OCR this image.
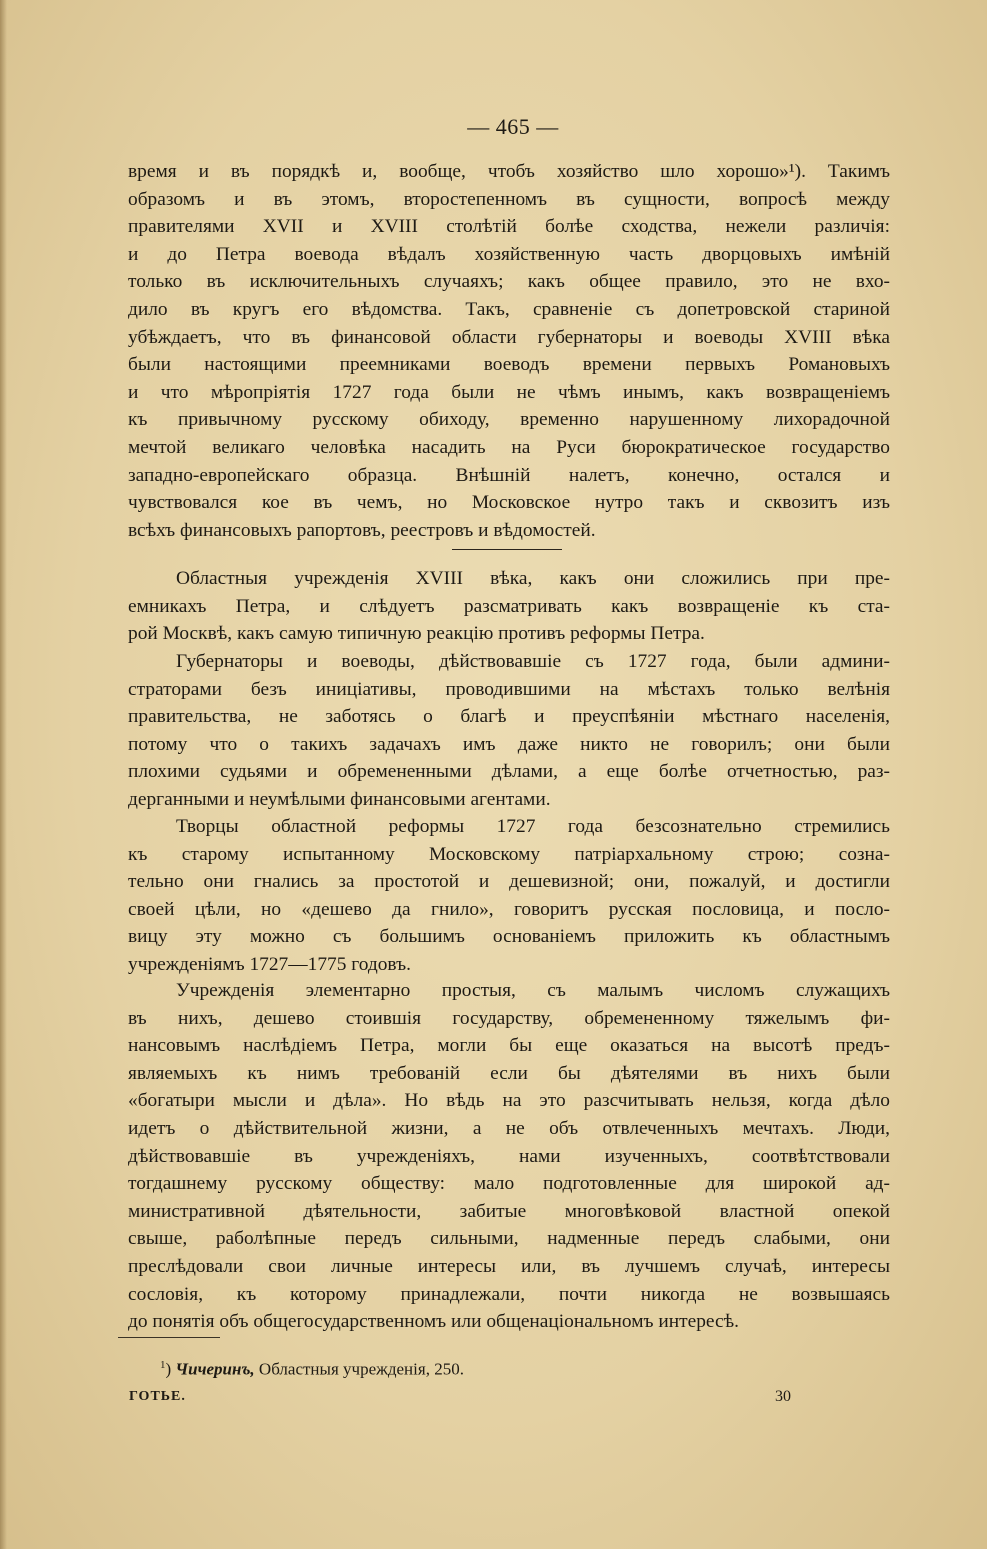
— 465 —
время и въ порядкѣ и, вообще, чтобъ хозяйство шло хорошо»¹). Такимъ
образомъ и въ этомъ, второстепенномъ въ сущности, вопросѣ между
правителями XVII и XVIII столѣтій болѣе сходства, нежели различія:
и до Петра воевода вѣдалъ хозяйственную часть дворцовыхъ имѣній
только въ исключительныхъ случаяхъ; какъ общее правило, это не вхо-
дило въ кругъ его вѣдомства. Такъ, сравненіе съ допетровской стариной
убѣждаетъ, что въ финансовой области губернаторы и воеводы XVIII вѣка
были настоящими преемниками воеводъ времени первыхъ Романовыхъ
и что мѣропріятія 1727 года были не чѣмъ инымъ, какъ возвращеніемъ
къ привычному русскому обиходу, временно нарушенному лихорадочной
мечтой великаго человѣка насадить на Руси бюрократическое государство
западно-европейскаго образца. Внѣшній налетъ, конечно, остался и
чувствовался кое въ чемъ, но Московское нутро такъ и сквозитъ изъ
всѣхъ финансовыхъ рапортовъ, реестровъ и вѣдомостей.
Областныя учрежденія XVIII вѣка, какъ они сложились при пре-
емникахъ Петра, и слѣдуетъ разсматривать какъ возвращеніе къ ста-
рой Москвѣ, какъ самую типичную реакцію противъ реформы Петра.
Губернаторы и воеводы, дѣйствовавшіе съ 1727 года, были админи-
страторами безъ иниціативы, проводившими на мѣстахъ только велѣнія
правительства, не заботясь о благѣ и преуспѣяніи мѣстнаго населенія,
потому что о такихъ задачахъ имъ даже никто не говорилъ; они были
плохими судьями и обремененными дѣлами, а еще болѣе отчетностью, раз-
дерганными и неумѣлыми финансовыми агентами.
Творцы областной реформы 1727 года безсознательно стремились
къ старому испытанному Московскому патріархальному строю; созна-
тельно они гнались за простотой и дешевизной; они, пожалуй, и достигли
своей цѣли, но «дешево да гнило», говоритъ русская пословица, и посло-
вицу эту можно съ большимъ основаніемъ приложить къ областнымъ
учрежденіямъ 1727—1775 годовъ.
Учрежденія элементарно простыя, съ малымъ числомъ служащихъ
въ нихъ, дешево стоившія государству, обремененному тяжелымъ фи-
нансовымъ наслѣдіемъ Петра, могли бы еще оказаться на высотѣ предъ-
являемыхъ къ нимъ требованій если бы дѣятелями въ нихъ были
«богатыри мысли и дѣла». Но вѣдь на это разсчитывать нельзя, когда дѣло
идетъ о дѣйствительной жизни, а не объ отвлеченныхъ мечтахъ. Люди,
дѣйствовавшіе въ учрежденіяхъ, нами изученныхъ, соотвѣтствовали
тогдашнему русскому обществу: мало подготовленные для широкой ад-
министративной дѣятельности, забитые многовѣковой властной опекой
свыше, раболѣпные передъ сильными, надменные передъ слабыми, они
преслѣдовали свои личные интересы или, въ лучшемъ случаѣ, интересы
сословія, къ которому принадлежали, почти никогда не возвышаясь
до понятія объ общегосударственномъ или общенаціональномъ интересѣ.
$^1$) Чичеринъ, Областныя учрежденія, 250.
ГОТЬЕ.	30
